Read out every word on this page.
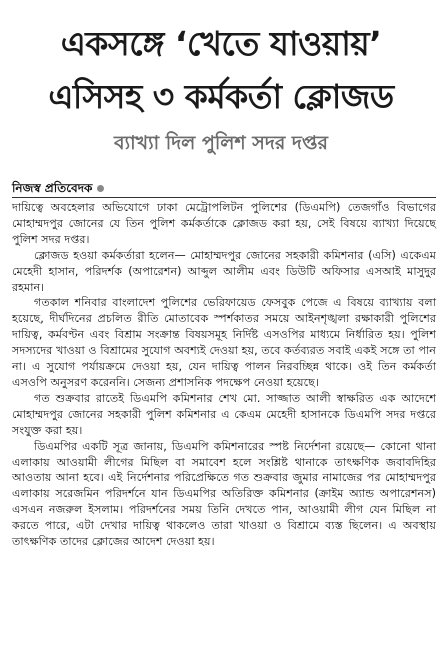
একসঙ্গে ‘খেতে যাওয়ায়’
এসিসহ ৩ কর্মকর্তা ক্লোজড
ব্যাখ্যা দিল পুলিশ সদর দপ্তর
নিজস্ব প্রতিবেদক

দায়িত্বে অবহেলার অভিযোগে ঢাকা মেট্রোপলিটন পুলিশের (ডিএমপি) তেজগাঁও বিভাগের মোহাম্মদপুর জোনের যে তিন পুলিশ কর্মকর্তাকে ক্লোজড করা হয়, সেই বিষয়ে ব্যাখ্যা দিয়েছে পুলিশ সদর দপ্তর।

ক্লোজড হওয়া কর্মকর্তারা হলেন— মোহাম্মদপুর জোনের সহকারী কমিশনার (এসি) একেএম মেহেদী হাসান, পরিদর্শক (অপারেশন) আব্দুল আলীম এবং ডিউটি অফিসার এসআই মাসুদুর রহমান।

গতকাল শনিবার বাংলাদেশ পুলিশের ভেরিফায়েড ফেসবুক পেজে এ বিষয়ে ব্যাখ্যায় বলা হয়েছে, দীর্ঘদিনের প্রচলিত রীতি মোতাবেক স্পর্শকাতর সময়ে আইনশৃঙ্খলা রক্ষাকারী পুলিশের দায়িত্ব, কর্মবণ্টন এবং বিশ্রাম সংক্রান্ত বিষয়সমূহ নির্দিষ্ট এসওপির মাধ্যমে নির্ধারিত হয়। পুলিশ সদস্যদের খাওয়া ও বিশ্রামের সুযোগ অবশ্যই দেওয়া হয়, তবে কর্তব্যরত সবাই একই সঙ্গে তা পান না। এ সুযোগ পর্যায়ক্রমে দেওয়া হয়, যেন দায়িত্ব পালন নিরবচ্ছিন্ন থাকে। ওই তিন কর্মকর্তা এসওপি অনুসরণ করেননি। সেজন্য প্রশাসনিক পদক্ষেপ নেওয়া হয়েছে।

গত শুক্রবার রাতেই ডিএমপি কমিশনার শেখ মো. সাজ্জাত আলী স্বাক্ষরিত এক আদেশে মোহাম্মদপুর জোনের সহকারী পুলিশ কমিশনার এ কেএম মেহেদী হাসানকে ডিএমপি সদর দপ্তরে সংযুক্ত করা হয়।

ডিএমপির একটি সূত্র জানায়, ডিএমপি কমিশনারের স্পষ্ট নির্দেশনা রয়েছে— কোনো থানা এলাকায় আওয়ামী লীগের মিছিল বা সমাবেশ হলে সংশ্লিষ্ট থানাকে তাৎক্ষণিক জবাবদিহির আওতায় আনা হবে। এই নির্দেশনার পরিপ্রেক্ষিতে গত শুক্রবার জুমার নামাজের পর মোহাম্মদপুর এলাকায় সরেজমিন পরিদর্শনে যান ডিএমপির অতিরিক্ত কমিশনার (ক্রাইম অ্যান্ড অপারেশনস) এসএন নজরুল ইসলাম। পরিদর্শনের সময় তিনি দেখতে পান, আওয়ামী লীগ যেন মিছিল না করতে পারে, এটা দেখার দায়িত্ব থাকলেও তারা খাওয়া ও বিশ্রামে ব্যস্ত ছিলেন। এ অবস্থায় তাৎক্ষণিক তাদের ক্লোজের আদেশ দেওয়া হয়।
